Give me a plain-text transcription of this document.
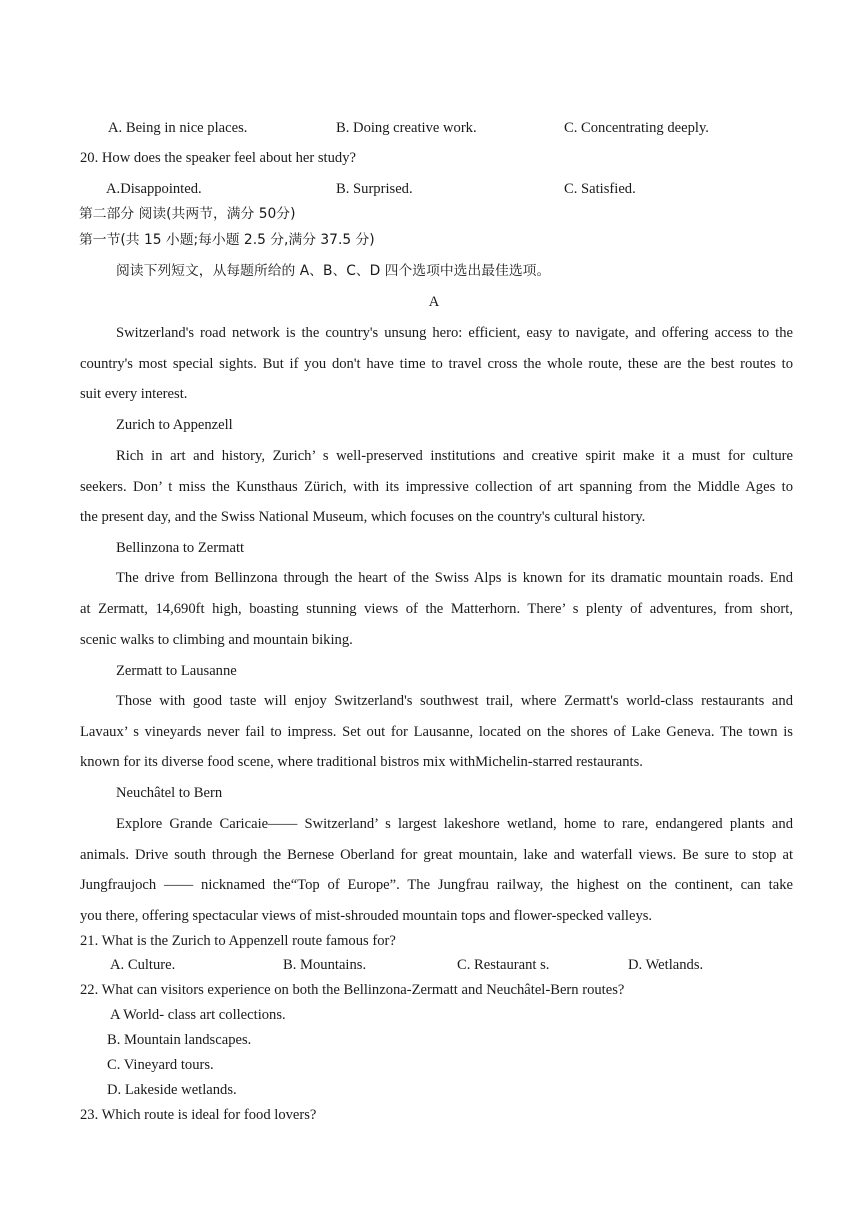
A. Being in nice places.	B. Doing creative work.	C. Concentrating deeply.
20. How does the speaker feel about her study?
A.Disappointed.	B. Surprised.	C. Satisfied.
第二部分 阅读(共两节，满分 50分)
第一节(共 15 小题;每小题 2.5 分,满分 37.5 分)
阅读下列短文，从每题所给的 A、B、C、D 四个选项中选出最佳选项。
A
Switzerland's road network is the country's unsung hero: efficient, easy to navigate, and offering access to the
country's most special sights. But if you don't have time to travel cross the whole route, these are the best routes to
suit every interest.
Zurich to Appenzell
Rich in art and history, Zurich’ s well-preserved institutions and creative spirit make it a must for culture
seekers. Don’ t miss the Kunsthaus Zürich, with its impressive collection of art spanning from the Middle Ages to
the present day, and the Swiss National Museum, which focuses on the country's cultural history.
Bellinzona to Zermatt
The drive from Bellinzona through the heart of the Swiss Alps is known for its dramatic mountain roads. End
at Zermatt, 14,690ft high, boasting stunning views of the Matterhorn. There’ s plenty of adventures, from short,
scenic walks to climbing and mountain biking.
Zermatt to Lausanne
Those with good taste will enjoy Switzerland's southwest trail, where Zermatt's world-class restaurants and
Lavaux’ s vineyards never fail to impress. Set out for Lausanne, located on the shores of Lake Geneva. The town is
known for its diverse food scene, where traditional bistros mix withMichelin-starred restaurants.
Neuchâtel to Bern
Explore Grande Caricaie—— Switzerland’ s largest lakeshore wetland, home to rare, endangered plants and
animals. Drive south through the Bernese Oberland for great mountain, lake and waterfall views. Be sure to stop at
Jungfraujoch —— nicknamed the“Top of Europe”. The Jungfrau railway, the highest on the continent, can take
you there, offering spectacular views of mist-shrouded mountain tops and flower-specked valleys.
21. What is the Zurich to Appenzell route famous for?
A. Culture.	B. Mountains.	C. Restaurant s.	D. Wetlands.
22. What can visitors experience on both the Bellinzona-Zermatt and Neuchâtel-Bern routes?
A World- class art collections.
B. Mountain landscapes.
C. Vineyard tours.
D. Lakeside wetlands.
23. Which route is ideal for food lovers?
